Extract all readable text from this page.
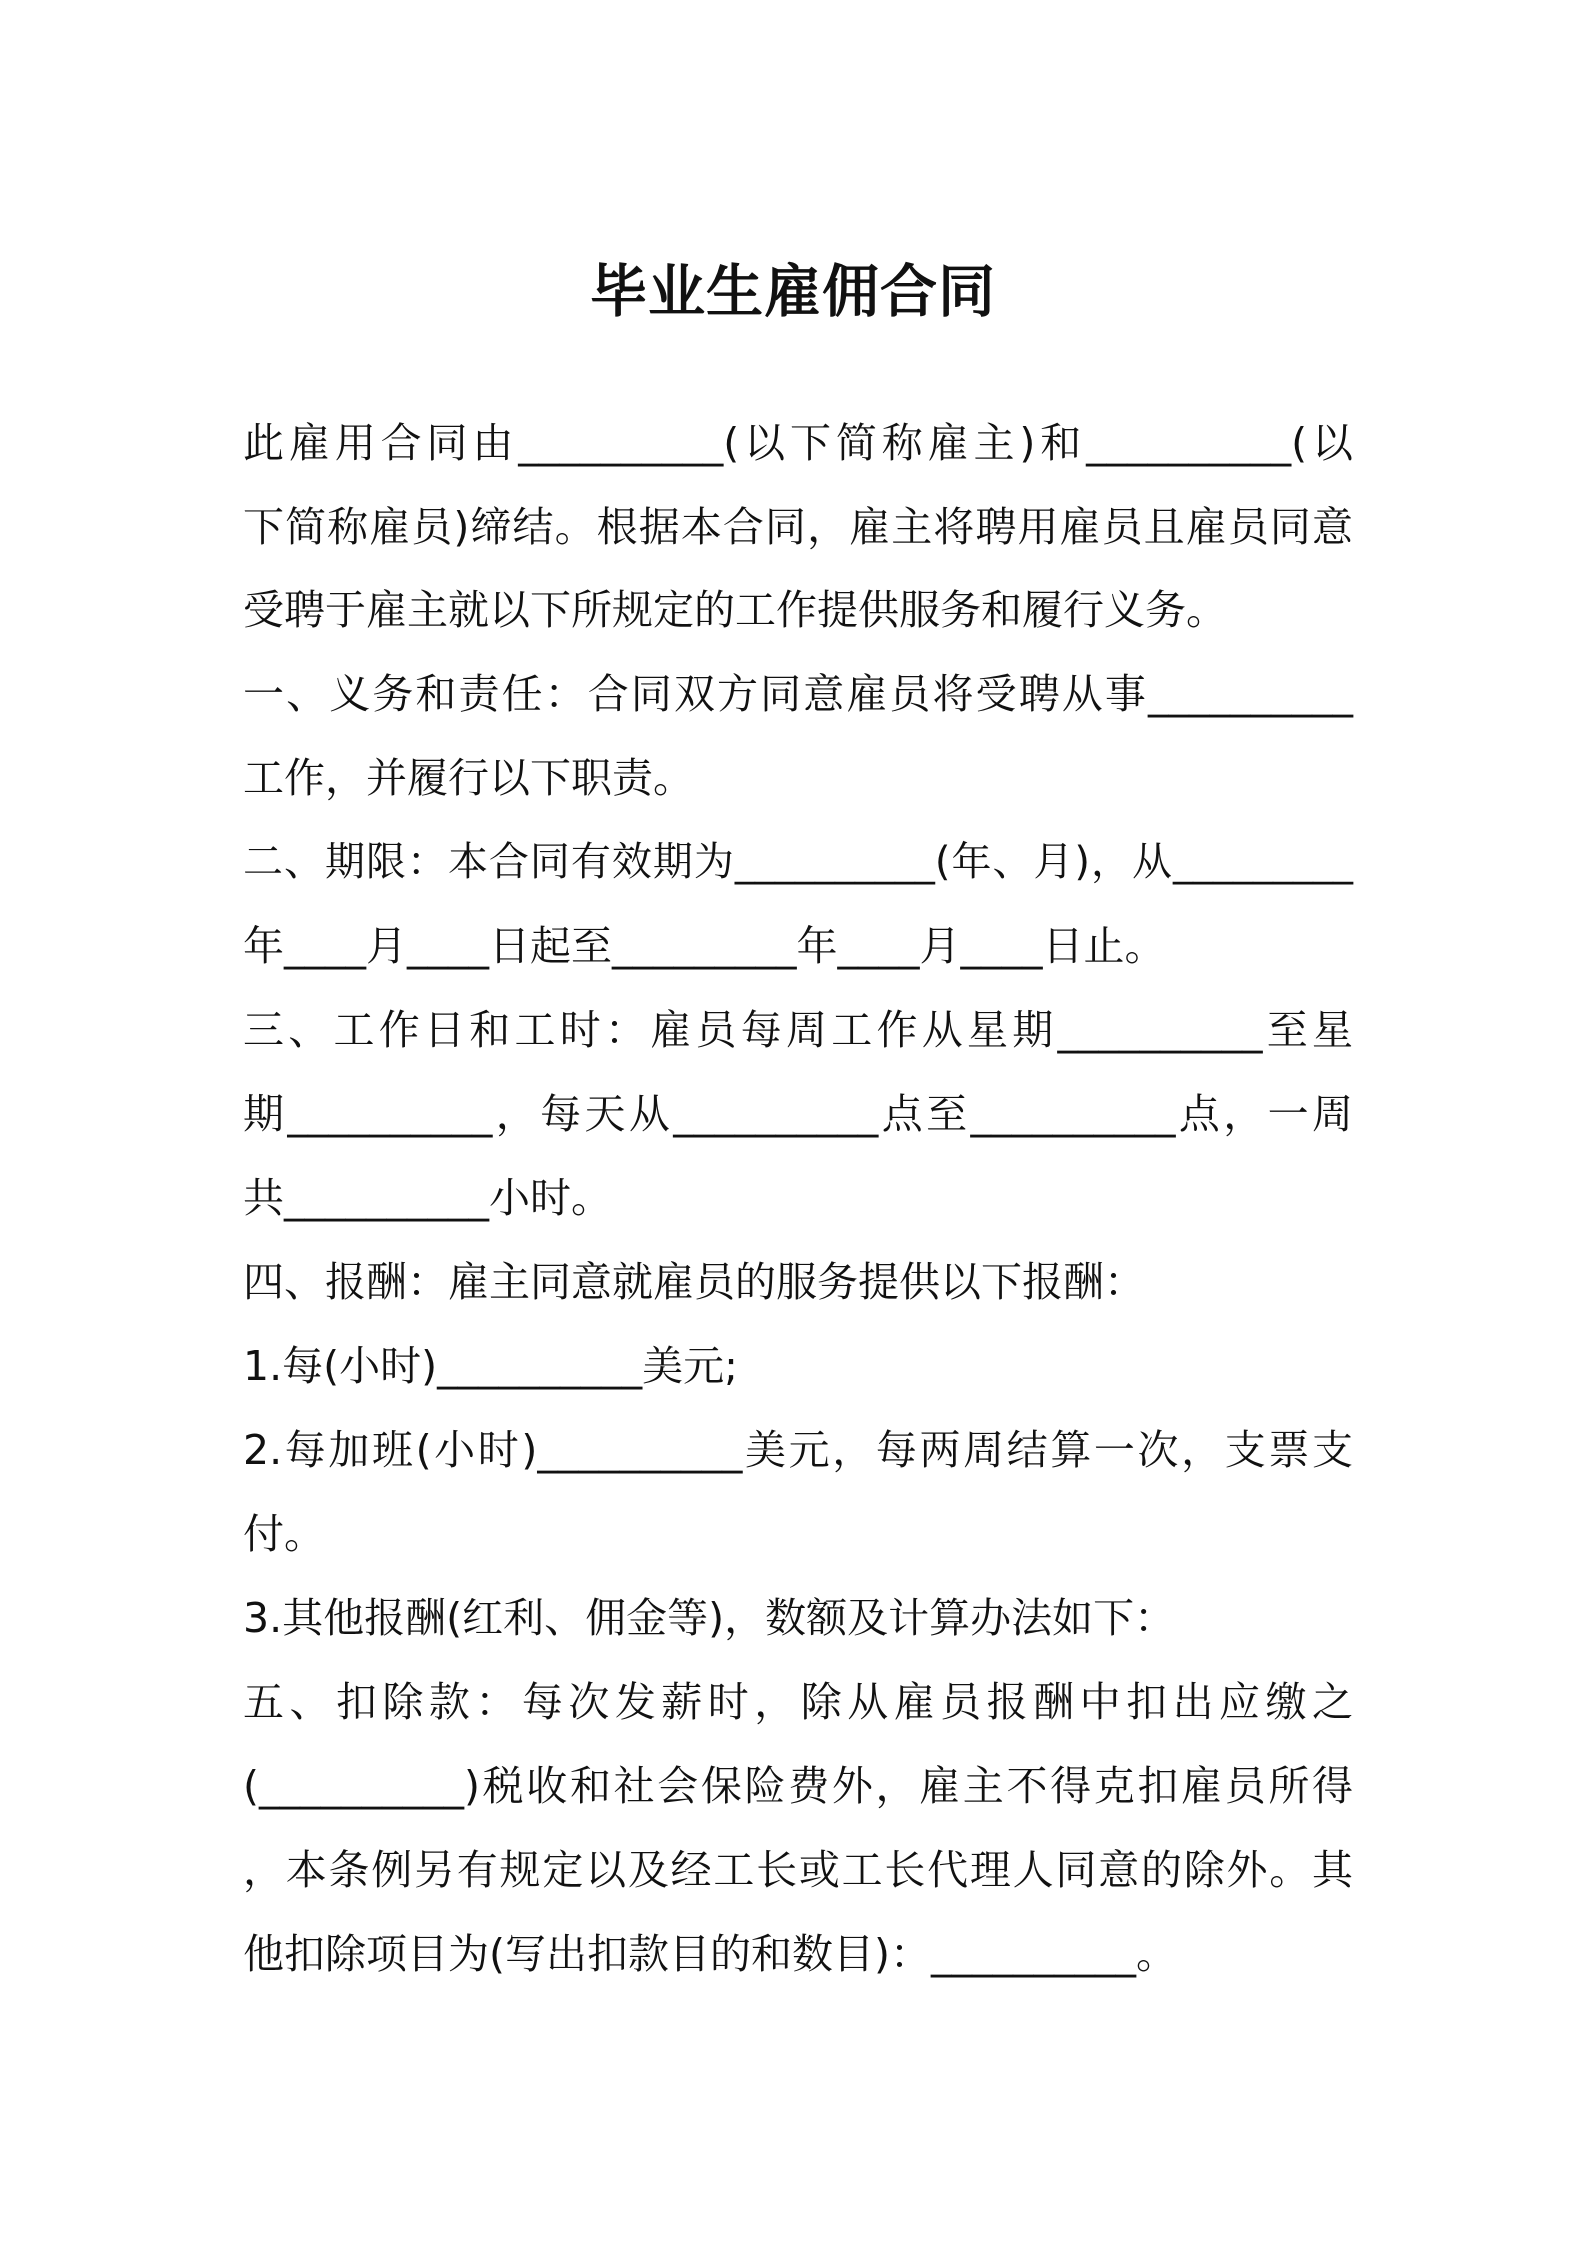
毕业生雇佣合同
此雇用合同由__________(以下简称雇主)和__________(以
下简称雇员)缔结。根据本合同，雇主将聘用雇员且雇员同意
受聘于雇主就以下所规定的工作提供服务和履行义务。
一、义务和责任：合同双方同意雇员将受聘从事__________
工作，并履行以下职责。
二、期限：本合同有效期为__________(年、月)，从_________
年____月____日起至_________年____月____日止。
三、工作日和工时：雇员每周工作从星期__________至星
期__________，每天从__________点至__________点，一周
共__________小时。
四、报酬：雇主同意就雇员的服务提供以下报酬：
1.每(小时)__________美元;
2.每加班(小时)__________美元，每两周结算一次，支票支
付。
3.其他报酬(红利、佣金等)，数额及计算办法如下：
五、扣除款：每次发薪时，除从雇员报酬中扣出应缴之
(__________)税收和社会保险费外，雇主不得克扣雇员所得
，本条例另有规定以及经工长或工长代理人同意的除外。其
他扣除项目为(写出扣款目的和数目)：__________。
